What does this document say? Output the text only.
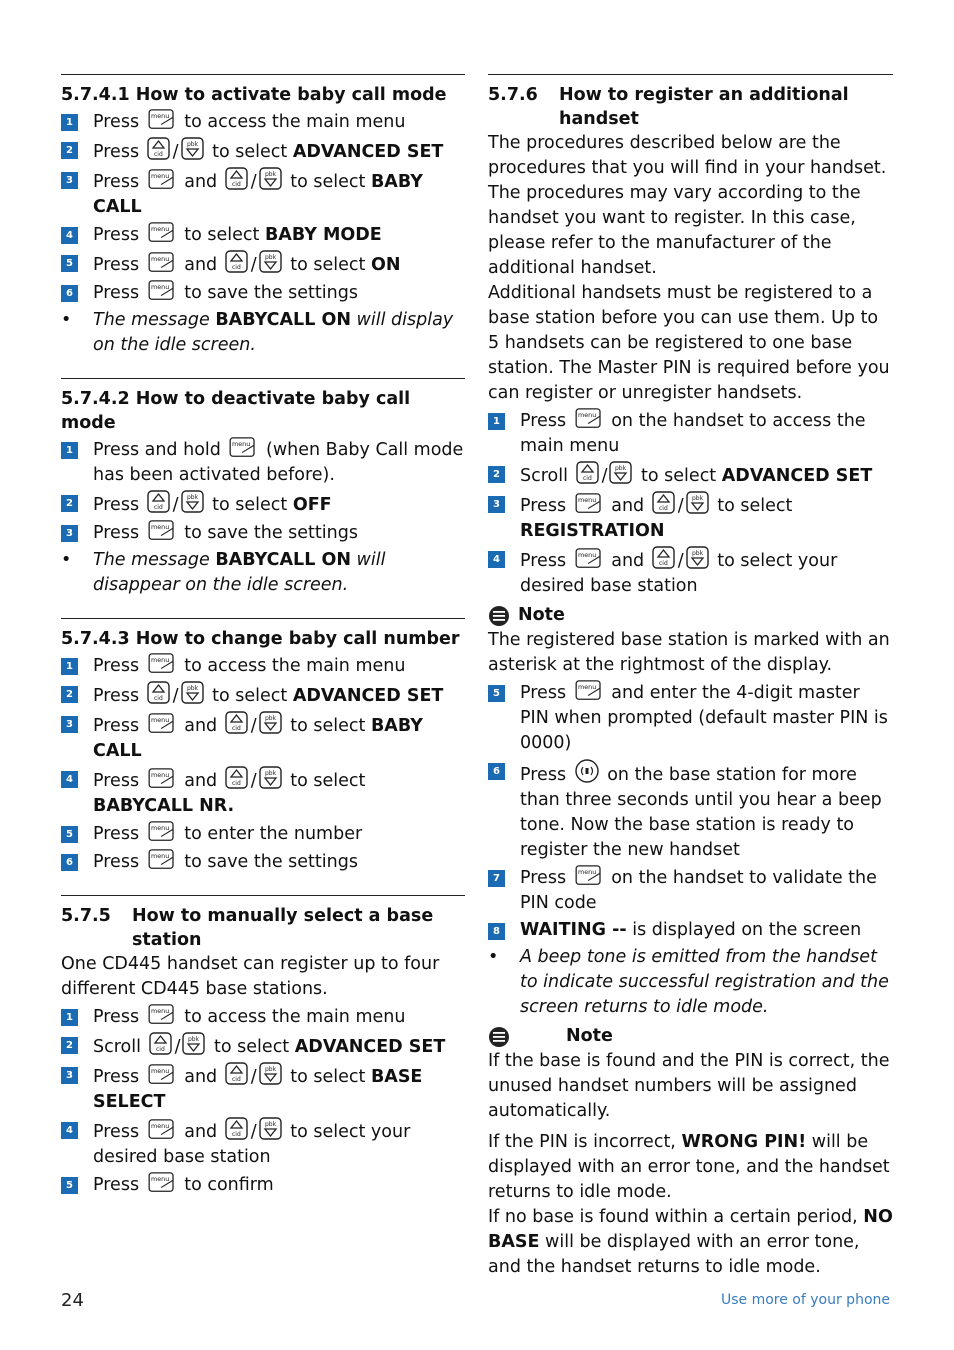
5.7.4.1 How to activate baby call mode
1 Press	to access the main menu
2 Press / to select ADVANCED SET
3 Press	and / to select BABY CALL
4 Press	to select BABY MODE
5 Press	and / to select ON
6 Press	to save the settings
•	The message BABYCALL ON will display on the idle screen.
5.7.4.2 How to deactivate baby call mode
1 Press and hold	(when Baby Call mode has been activated before).
2 Press / to select OFF
3 Press	to save the settings
•	The message BABYCALL ON will disappear on the idle screen.
5.7.4.3 How to change baby call number
1 Press	to access the main menu
2 Press / to select ADVANCED SET
3 Press	and / to select BABY CALL
4 Press	and / to select BABYCALL NR.
5 Press	to enter the number
6 Press	to save the settings
5.7.5	How to manually select a base station

One CD445 handset can register up to four different CD445 base stations.

1 Press	to access the main menu
2 Scroll / to select ADVANCED SET
3 Press	and / to select BASE SELECT
4 Press	and / to select your desired base station
5 Press	to confirm
5.7.6	How to register an additional handset

The procedures described below are the procedures that you will find in your handset. The procedures may vary according to the handset you want to register. In this case, please refer to the manufacturer of the additional handset.

Additional handsets must be registered to a base station before you can use them. Up to 5 handsets can be registered to one base station. The Master PIN is required before you can register or unregister handsets.

1 Press	on the handset to access the main menu
2 Scroll / to select ADVANCED SET
3 Press	and / to select REGISTRATION
4 Press	and / to select your desired base station
Note

The registered base station is marked with an asterisk at the rightmost of the display.

5 Press	and enter the 4-digit master PIN when prompted (default master PIN is 0000)
6 Press on the base station for more than three seconds until you hear a beep tone. Now the base station is ready to register the new handset
7 Press	on the handset to validate the PIN code
8 WAITING -- is displayed on the screen
•	A beep tone is emitted from the handset to indicate successful registration and the screen returns to idle mode.
Note

If the base is found and the PIN is correct, the unused handset numbers will be assigned automatically.

If the PIN is incorrect, WRONG PIN! will be displayed with an error tone, and the handset returns to idle mode.

If no base is found within a certain period, NO BASE will be displayed with an error tone, and the handset returns to idle mode.

24	Use more of your phone
